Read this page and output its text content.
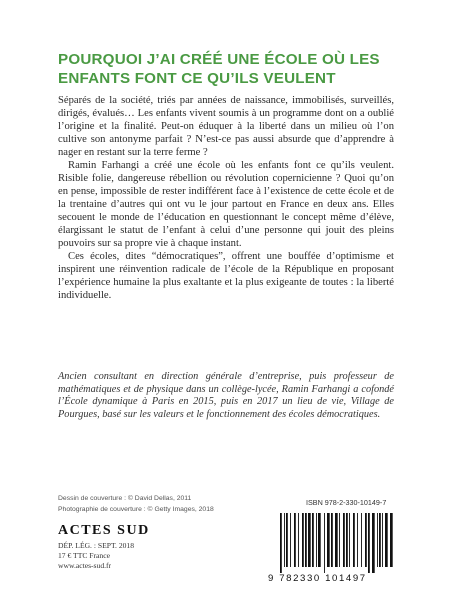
POURQUOI J’AI CRÉÉ UNE ÉCOLE OÙ LES
ENFANTS FONT CE QU’ILS VEULENT

Séparés de la société, triés par années de naissance, immobilisés, surveillés, dirigés, évalués… Les enfants vivent soumis à un programme dont on a oublié l’origine et la finalité. Peut-on éduquer à la liberté dans un milieu où l’on cultive son antonyme parfait ? N’est-ce pas aussi absurde que d’apprendre à nager en restant sur la terre ferme ?

Ramin Farhangi a créé une école où les enfants font ce qu’ils veulent. Risible folie, dangereuse rébellion ou révolution copernicienne ? Quoi qu’on en pense, impossible de rester indifférent face à l’existence de cette école et de la trentaine d’autres qui ont vu le jour partout en France en deux ans. Elles secouent le monde de l’éducation en questionnant le concept même d’élève, élargissant le statut de l’enfant à celui d’une personne qui jouit des pleins pouvoirs sur sa propre vie à chaque instant.

Ces écoles, dites “démocratiques”, offrent une bouffée d’optimisme et inspirent une réinvention radicale de l’école de la République en proposant l’expérience humaine la plus exaltante et la plus exigeante de toutes : la liberté individuelle.

Ancien consultant en direction générale d’entreprise, puis professeur de mathématiques et de physique dans un collège-lycée, Ramin Farhangi a cofondé l’École dynamique à Paris en 2015, puis en 2017 un lieu de vie, Village de Pourgues, basé sur les valeurs et le fonctionnement des écoles démocratiques.

Dessin de couverture : © David Dellas, 2011
Photographie de couverture : © Getty Images, 2018
ISBN 978-2-330-10149-7
ACTES SUD
DÉP. LÉG. : SEPT. 2018
17 € TTC France
www.actes-sud.fr
9 782330 101497
